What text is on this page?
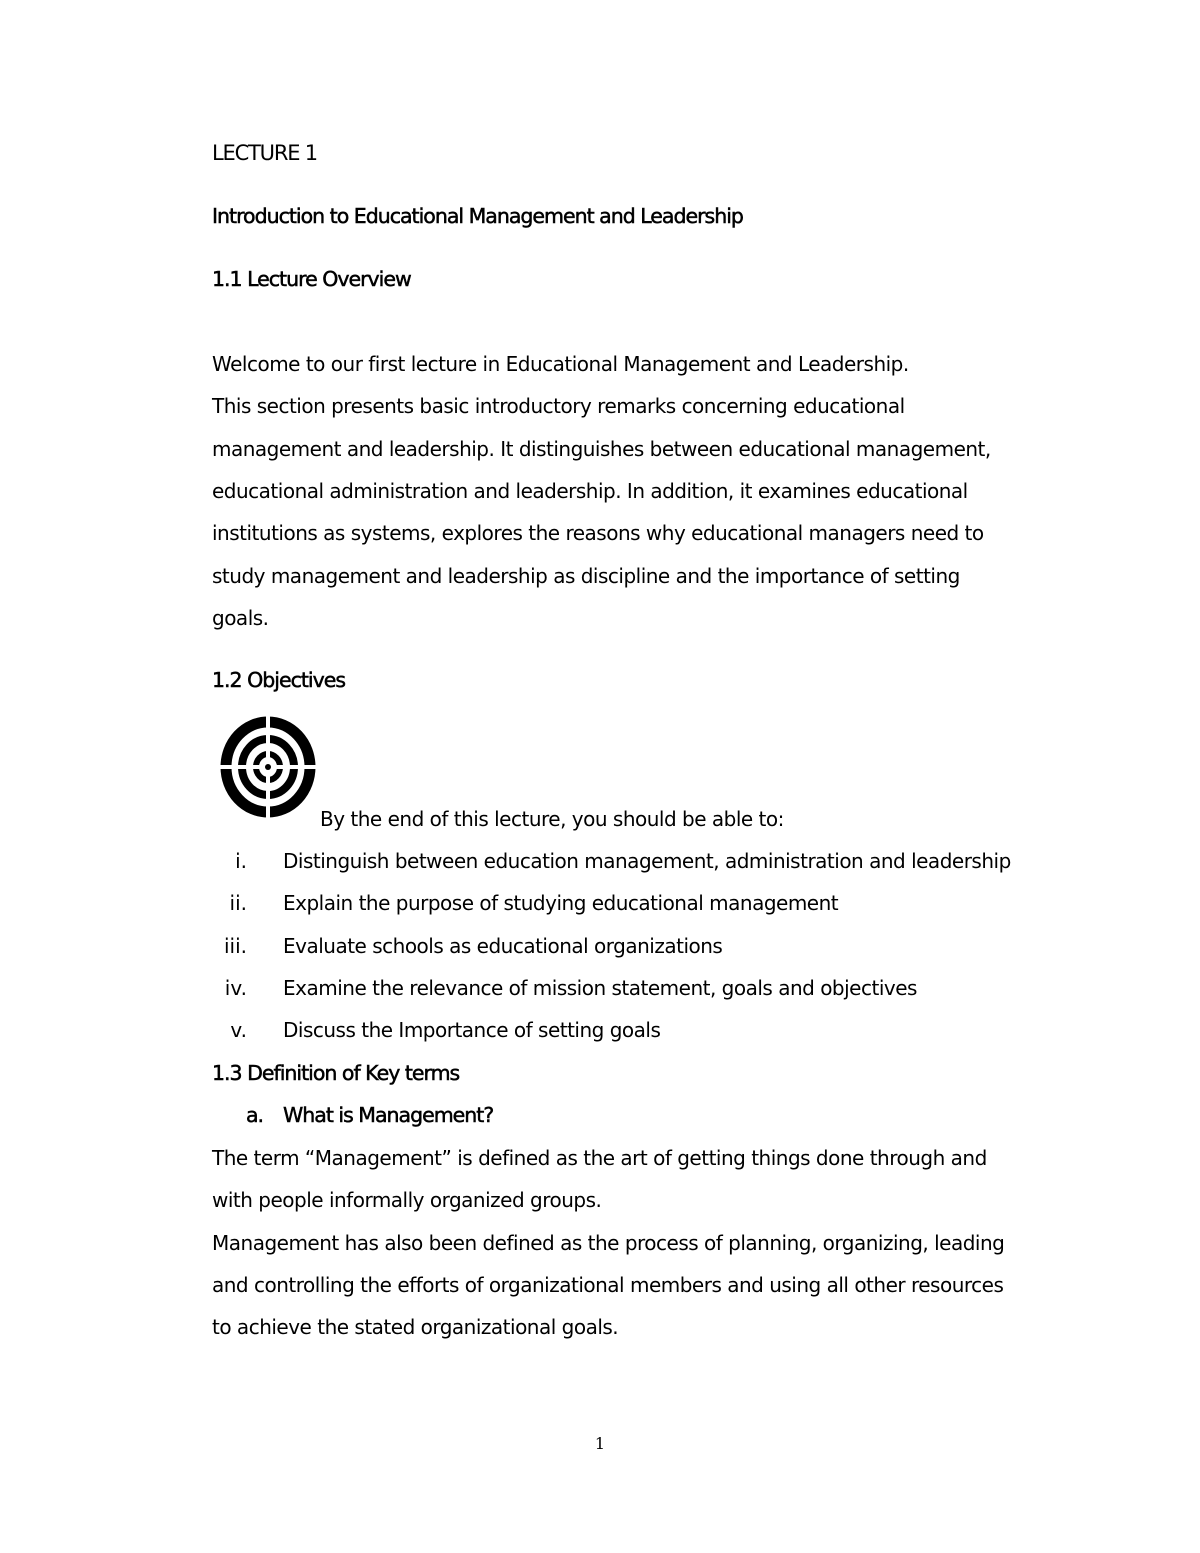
LECTURE 1

Introduction to Educational Management and Leadership

1.1 Lecture Overview

Welcome to our first lecture in Educational Management and Leadership.

This section presents basic introductory remarks concerning educational

management and leadership. It distinguishes between educational management,

educational administration and leadership. In addition, it examines educational

institutions as systems, explores the reasons why educational managers need to

study management and leadership as discipline and the importance of setting

goals.

1.2 Objectives

By the end of this lecture, you should be able to:

i. Distinguish between education management, administration and leadership
ii. Explain the purpose of studying educational management
iii. Evaluate schools as educational organizations
iv. Examine the relevance of mission statement, goals and objectives
v. Discuss the Importance of setting goals

1.3 Definition of Key terms

a. What is Management?

The term “Management” is defined as the art of getting things done through and

with people informally organized groups.

Management has also been defined as the process of planning, organizing, leading

and controlling the efforts of organizational members and using all other resources

to achieve the stated organizational goals.

1
